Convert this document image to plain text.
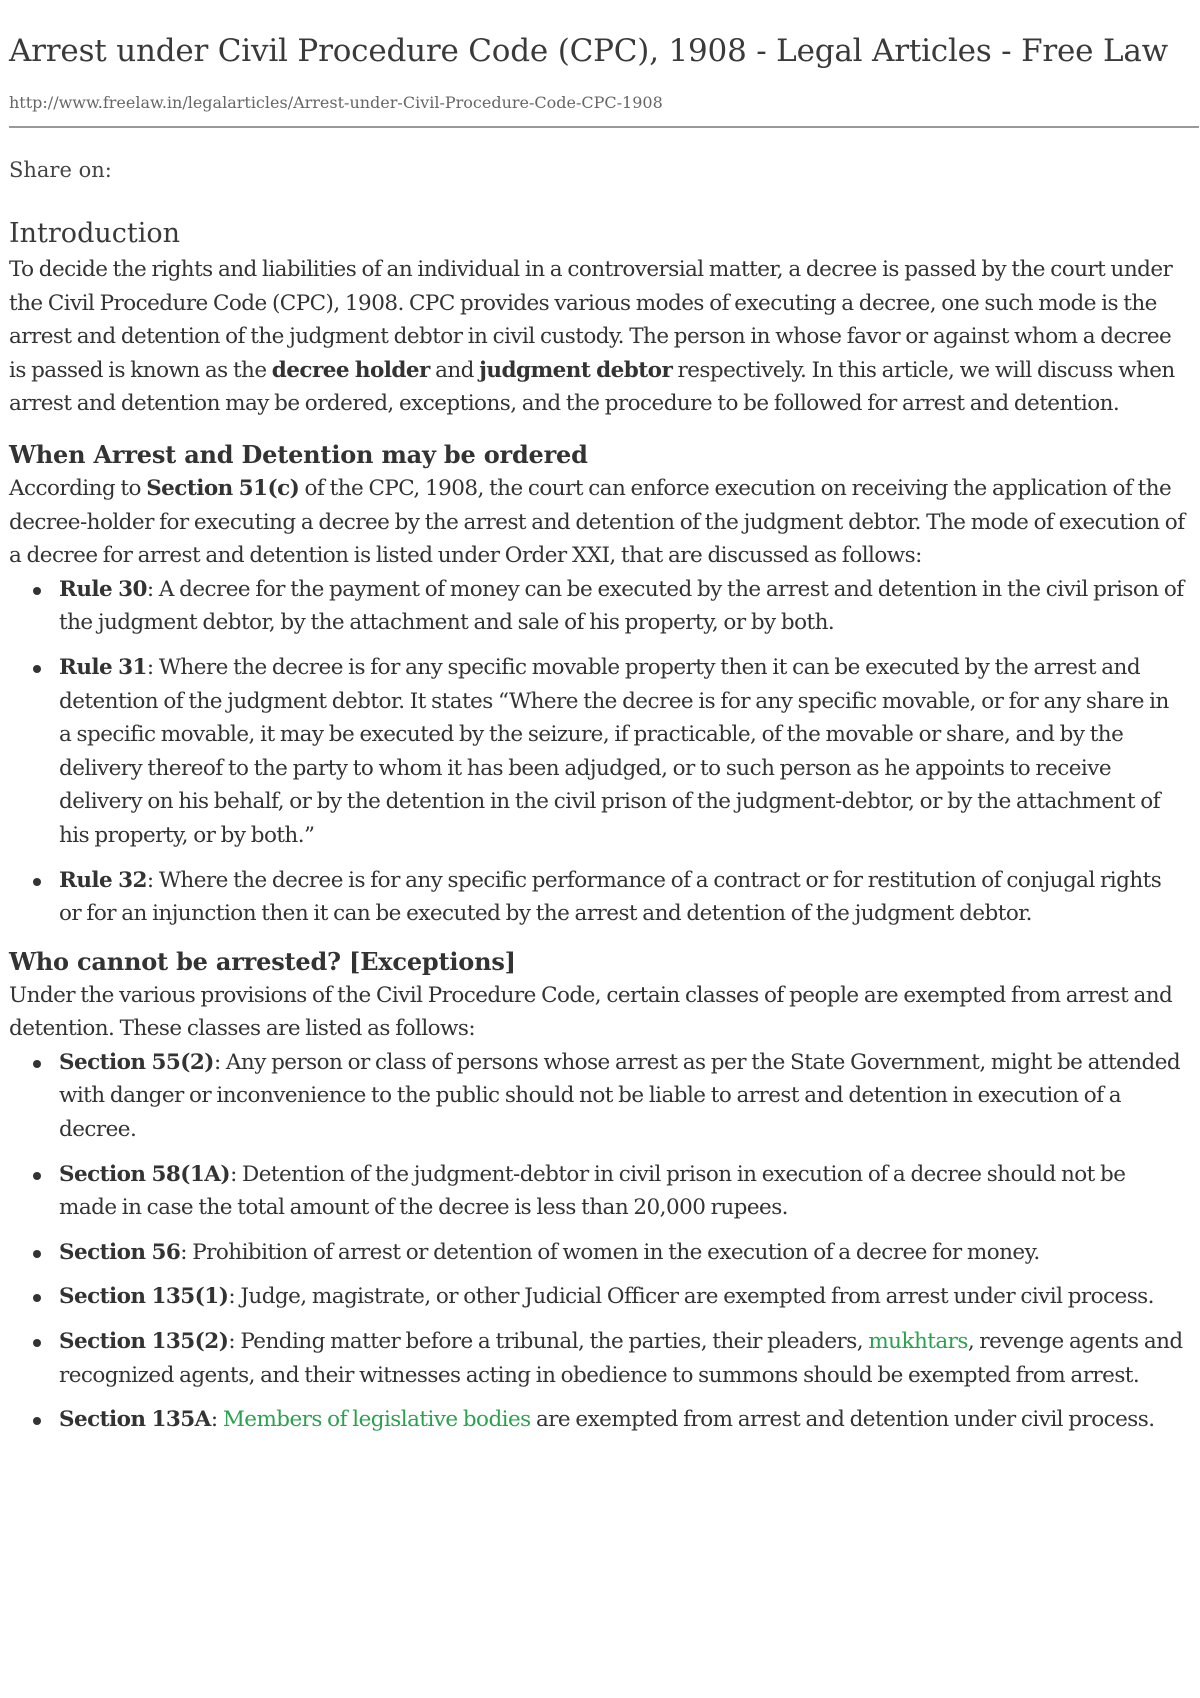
Arrest under Civil Procedure Code (CPC), 1908 - Legal Articles - Free Law
http://www.freelaw.in/legalarticles/Arrest-under-Civil-Procedure-Code-CPC-1908
Share on:
Introduction

To decide the rights and liabilities of an individual in a controversial matter, a decree is passed by the court under the Civil Procedure Code (CPC), 1908. CPC provides various modes of executing a decree, one such mode is the arrest and detention of the judgment debtor in civil custody. The person in whose favor or against whom a decree is passed is known as the decree holder and judgment debtor respectively. In this article, we will discuss when arrest and detention may be ordered, exceptions, and the procedure to be followed for arrest and detention.

When Arrest and Detention may be ordered

According to Section 51(c) of the CPC, 1908, the court can enforce execution on receiving the application of the decree-holder for executing a decree by the arrest and detention of the judgment debtor. The mode of execution of a decree for arrest and detention is listed under Order XXI, that are discussed as follows:

Rule 30: A decree for the payment of money can be executed by the arrest and detention in the civil prison of the judgment debtor, by the attachment and sale of his property, or by both.
Rule 31: Where the decree is for any specific movable property then it can be executed by the arrest and detention of the judgment debtor. It states “Where the decree is for any specific movable, or for any share in a specific movable, it may be executed by the seizure, if practicable, of the movable or share, and by the delivery thereof to the party to whom it has been adjudged, or to such person as he appoints to receive delivery on his behalf, or by the detention in the civil prison of the judgment-debtor, or by the attachment of his property, or by both.”
Rule 32: Where the decree is for any specific performance of a contract or for restitution of conjugal rights or for an injunction then it can be executed by the arrest and detention of the judgment debtor.
Who cannot be arrested? [Exceptions]

Under the various provisions of the Civil Procedure Code, certain classes of people are exempted from arrest and detention. These classes are listed as follows:

Section 55(2): Any person or class of persons whose arrest as per the State Government, might be attended with danger or inconvenience to the public should not be liable to arrest and detention in execution of a decree.
Section 58(1A): Detention of the judgment-debtor in civil prison in execution of a decree should not be made in case the total amount of the decree is less than 20,000 rupees.
Section 56: Prohibition of arrest or detention of women in the execution of a decree for money.
Section 135(1): Judge, magistrate, or other Judicial Officer are exempted from arrest under civil process.
Section 135(2): Pending matter before a tribunal, the parties, their pleaders, mukhtars, revenge agents and recognized agents, and their witnesses acting in obedience to summons should be exempted from arrest.
Section 135A: Members of legislative bodies are exempted from arrest and detention under civil process.
